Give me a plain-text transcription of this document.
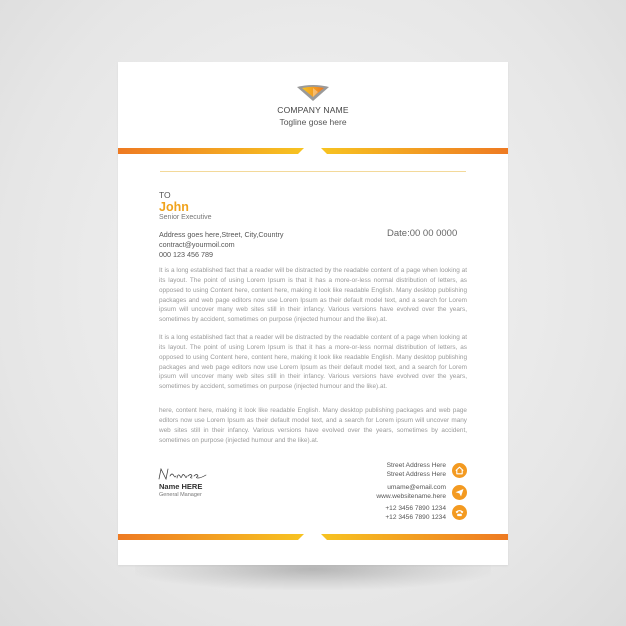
COMPANY NAME
Togline gose here
TO
John
Senior Executive
Address goes here,Street, City,Country
contract@yourmoil.com
000 123 456 789
Date:00 00 0000

It is a long established fact that a reader will be distracted by the readable content of a page when looking at its layout. The point of using Lorem Ipsum is that it has a more-or-less normal distribution of letters, as opposed to using Content here, content here, making it look like readable English. Many desktop publishing packages and web page editors now use Lorem Ipsum as their default model text, and a search for Lorem ipsum will uncover many web sites still in their infancy. Various versions have evolved over the years, sometimes by accident, sometimes on purpose (injected humour and the like).at.

It is a long established fact that a reader will be distracted by the readable content of a page when looking at its layout. The point of using Lorem Ipsum is that it has a more-or-less normal distribution of letters, as opposed to using Content here, content here, making it look like readable English. Many desktop publishing packages and web page editors now use Lorem Ipsum as their default model text, and a search for Lorem ipsum will uncover many web sites still in their infancy. Various versions have evolved over the years, sometimes by accident, sometimes on purpose (injected humour and the like).at.

here, content here, making it look like readable English. Many desktop publishing packages and web page editors now use Lorem Ipsum as their default model text, and a search for Lorem ipsum will uncover many web sites still in their infancy. Various versions have evolved over the years, sometimes by accident, sometimes on purpose (injected humour and the like).at.

Name HERE
General Manager
Street Address Here
Street Address Here
umame@email.com
www.websitename.here
+12 3456 7890 1234
+12 3456 7890 1234
